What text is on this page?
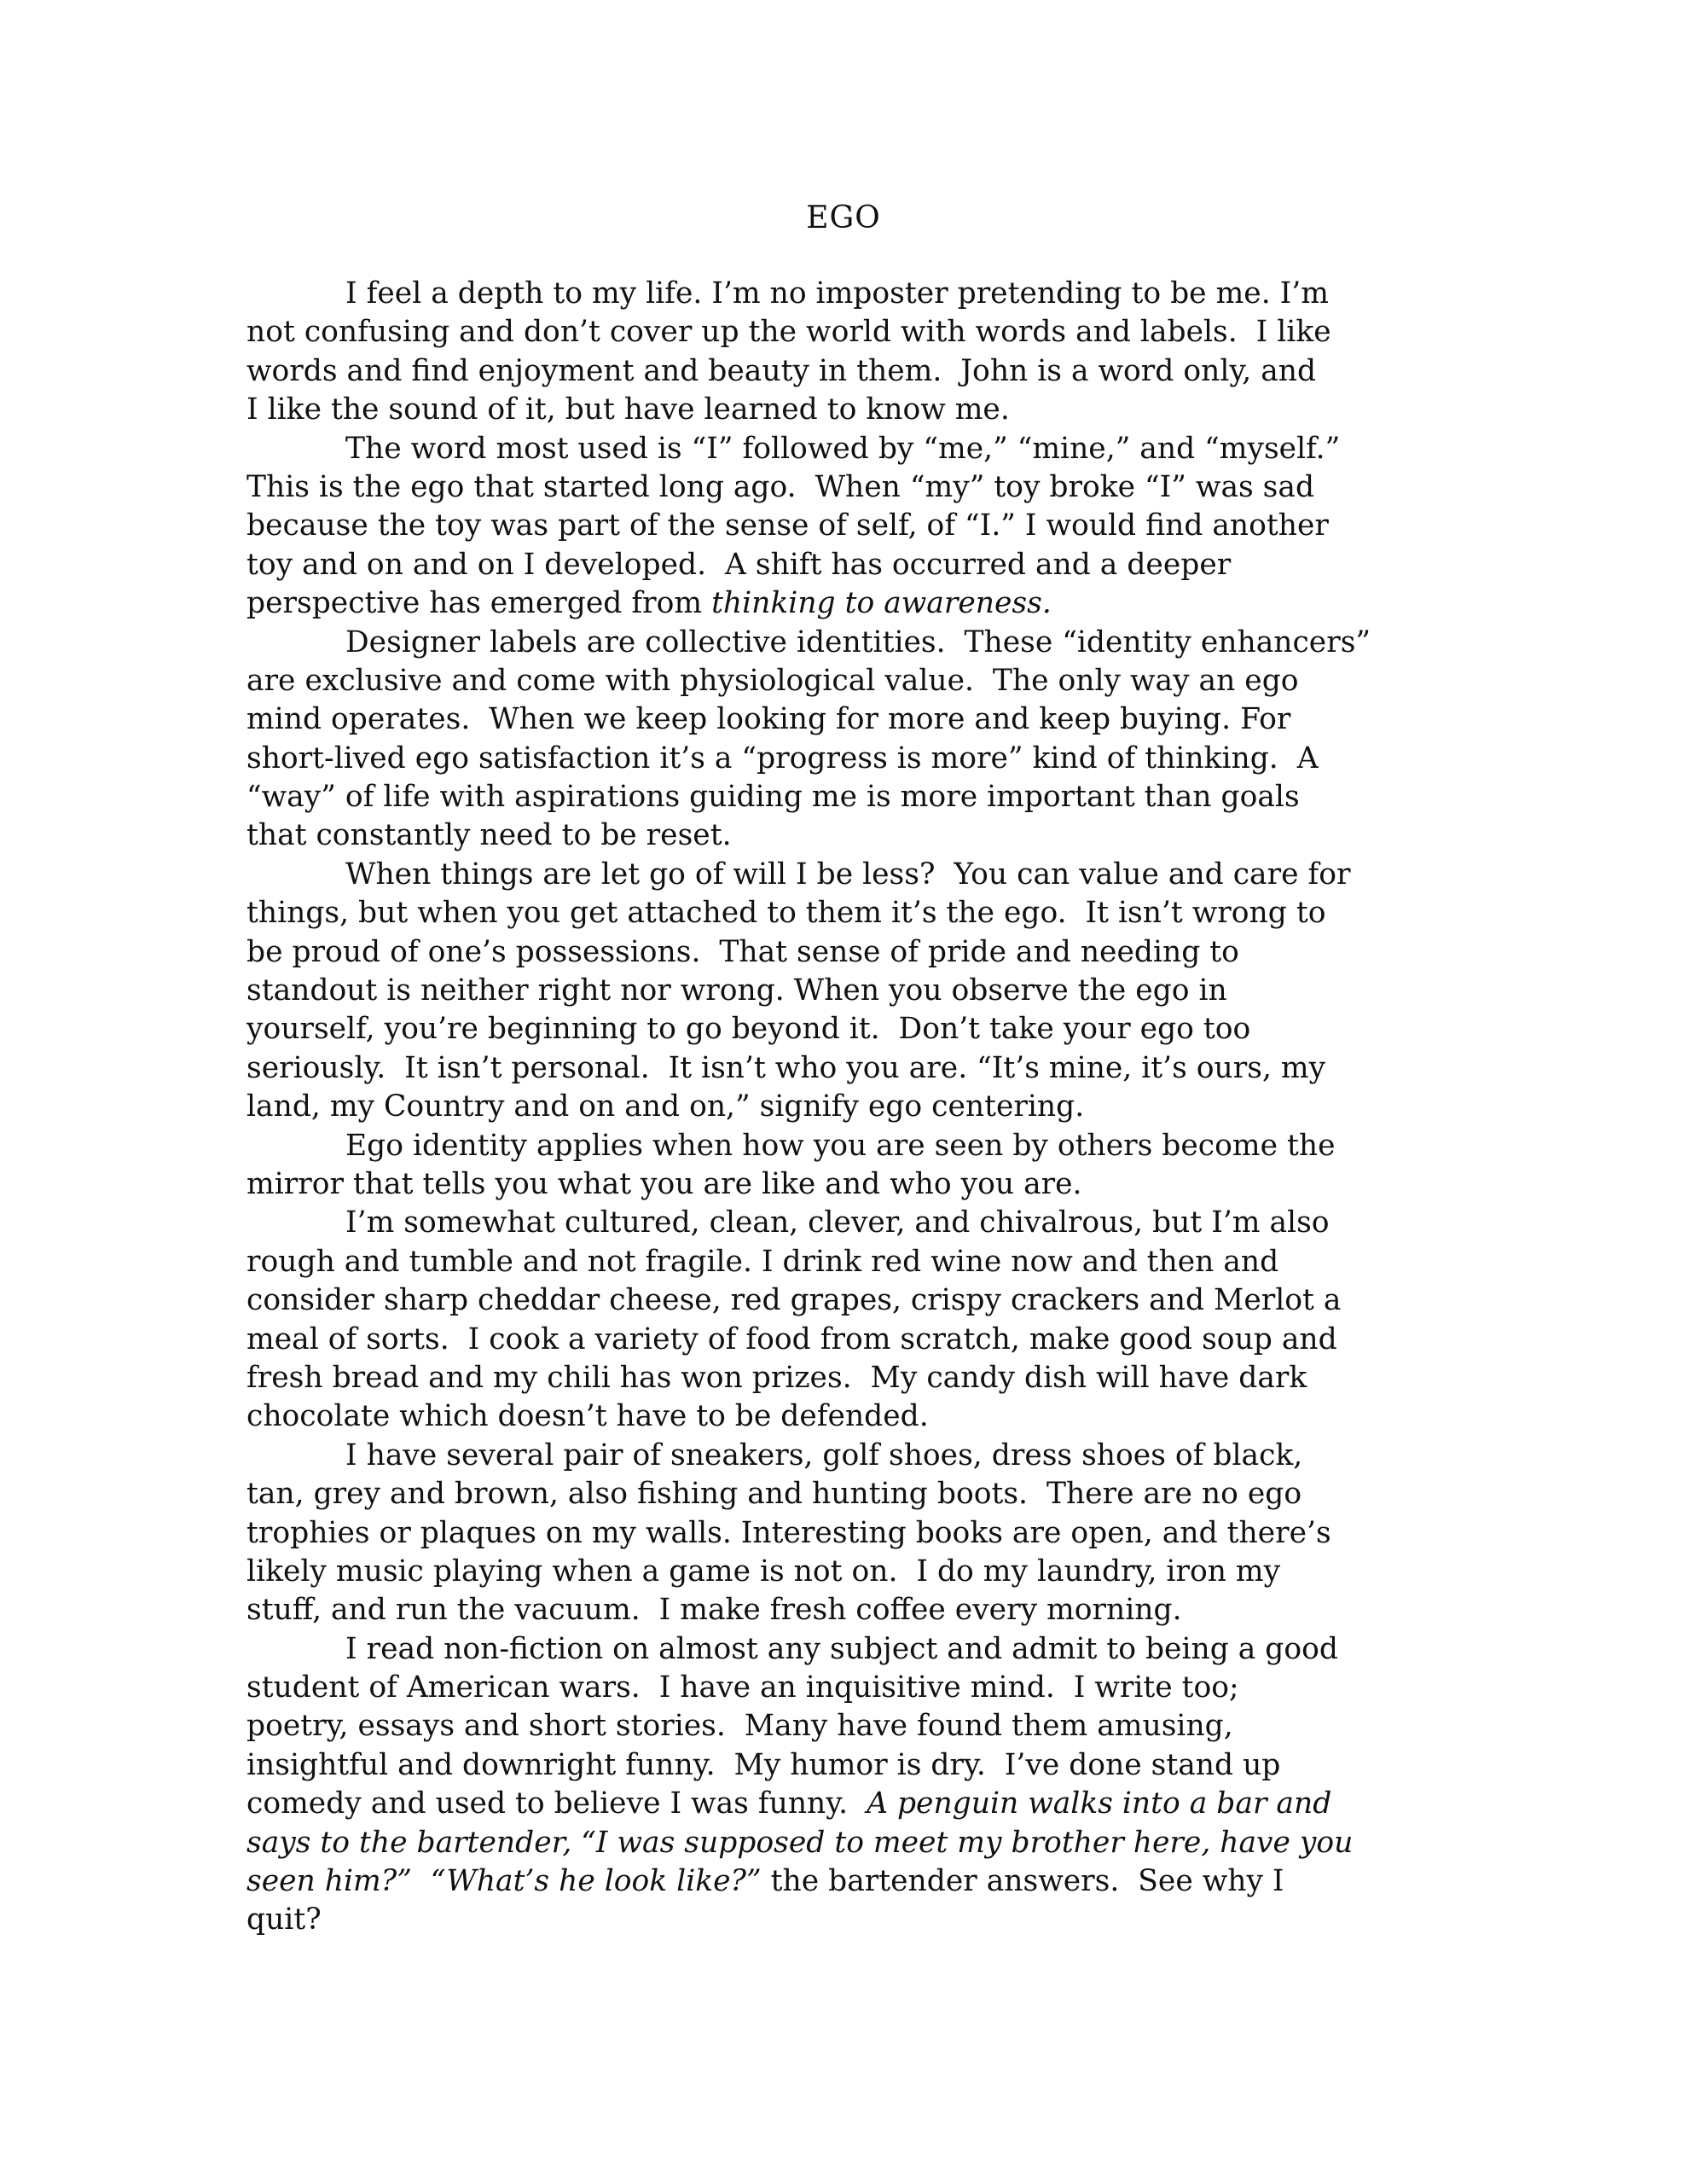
EGO
I feel a depth to my life. I’m no imposter pretending to be me. I’m
not confusing and don’t cover up the world with words and labels.  I like
words and find enjoyment and beauty in them.  John is a word only, and
I like the sound of it, but have learned to know me.
The word most used is “I” followed by “me,” “mine,” and “myself.”
This is the ego that started long ago.  When “my” toy broke “I” was sad
because the toy was part of the sense of self, of “I.” I would find another
toy and on and on I developed.  A shift has occurred and a deeper
perspective has emerged from thinking to awareness.
Designer labels are collective identities.  These “identity enhancers”
are exclusive and come with physiological value.  The only way an ego
mind operates.  When we keep looking for more and keep buying. For
short-lived ego satisfaction it’s a “progress is more” kind of thinking.  A
“way” of life with aspirations guiding me is more important than goals
that constantly need to be reset.
When things are let go of will I be less?  You can value and care for
things, but when you get attached to them it’s the ego.  It isn’t wrong to
be proud of one’s possessions.  That sense of pride and needing to
standout is neither right nor wrong. When you observe the ego in
yourself, you’re beginning to go beyond it.  Don’t take your ego too
seriously.  It isn’t personal.  It isn’t who you are. “It’s mine, it’s ours, my
land, my Country and on and on,” signify ego centering.
Ego identity applies when how you are seen by others become the
mirror that tells you what you are like and who you are.
I’m somewhat cultured, clean, clever, and chivalrous, but I’m also
rough and tumble and not fragile. I drink red wine now and then and
consider sharp cheddar cheese, red grapes, crispy crackers and Merlot a
meal of sorts.  I cook a variety of food from scratch, make good soup and
fresh bread and my chili has won prizes.  My candy dish will have dark
chocolate which doesn’t have to be defended.
I have several pair of sneakers, golf shoes, dress shoes of black,
tan, grey and brown, also fishing and hunting boots.  There are no ego
trophies or plaques on my walls. Interesting books are open, and there’s
likely music playing when a game is not on.  I do my laundry, iron my
stuff, and run the vacuum.  I make fresh coffee every morning.
I read non-fiction on almost any subject and admit to being a good
student of American wars.  I have an inquisitive mind.  I write too;
poetry, essays and short stories.  Many have found them amusing,
insightful and downright funny.  My humor is dry.  I’ve done stand up
comedy and used to believe I was funny.  A penguin walks into a bar and
says to the bartender, “I was supposed to meet my brother here, have you
seen him?”  “What’s he look like?” the bartender answers.  See why I
quit?
